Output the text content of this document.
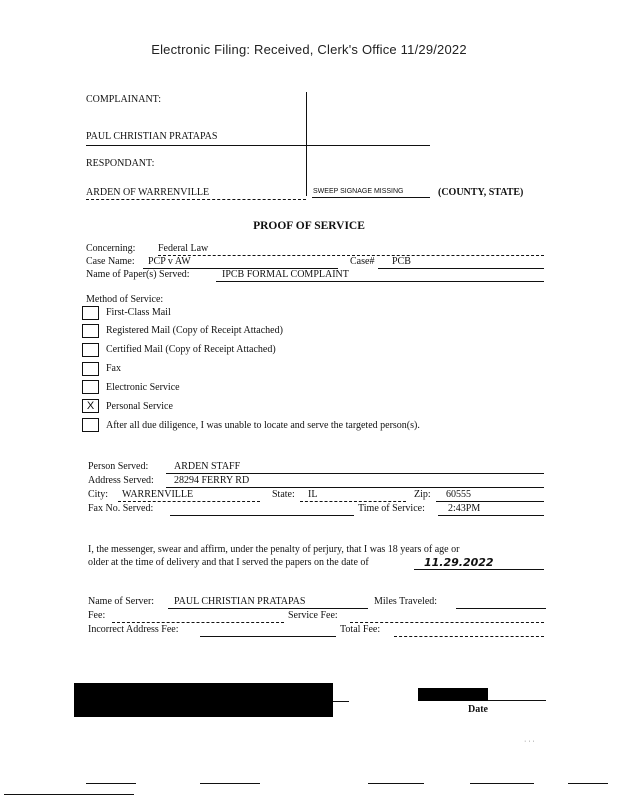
Electronic Filing: Received, Clerk's Office 11/29/2022
COMPLAINANT:
PAUL CHRISTIAN PRATAPAS
RESPONDANT:
ARDEN OF WARRENVILLE	SWEEP SIGNAGE MISSING	(COUNTY, STATE)
PROOF OF SERVICE
Concerning: Federal Law
Case Name: PCP v AW	Case# PCB
Name of Paper(s) Served:	IPCB FORMAL COMPLAINT
Method of Service:
First-Class Mail
Registered Mail (Copy of Receipt Attached)
Certified Mail (Copy of Receipt Attached)
Fax
Electronic Service
X	Personal Service
After all due diligence, I was unable to locate and serve the targeted person(s).
Person Served:	ARDEN STAFF
Address Served: 28294 FERRY RD
City: WARRENVILLE	State: IL	Zip: 60555
Fax No. Served:	Time of Service: 2:43PM
I, the messenger, swear and affirm, under the penalty of perjury, that I was 18 years of age or
older at the time of delivery and that I served the papers on the date of	11.29.2022
Name of Server: PAUL CHRISTIAN PRATAPAS	Miles Traveled:
Fee:	Service Fee:
Incorrect Address Fee:	Total Fee:
Date
· · ·
